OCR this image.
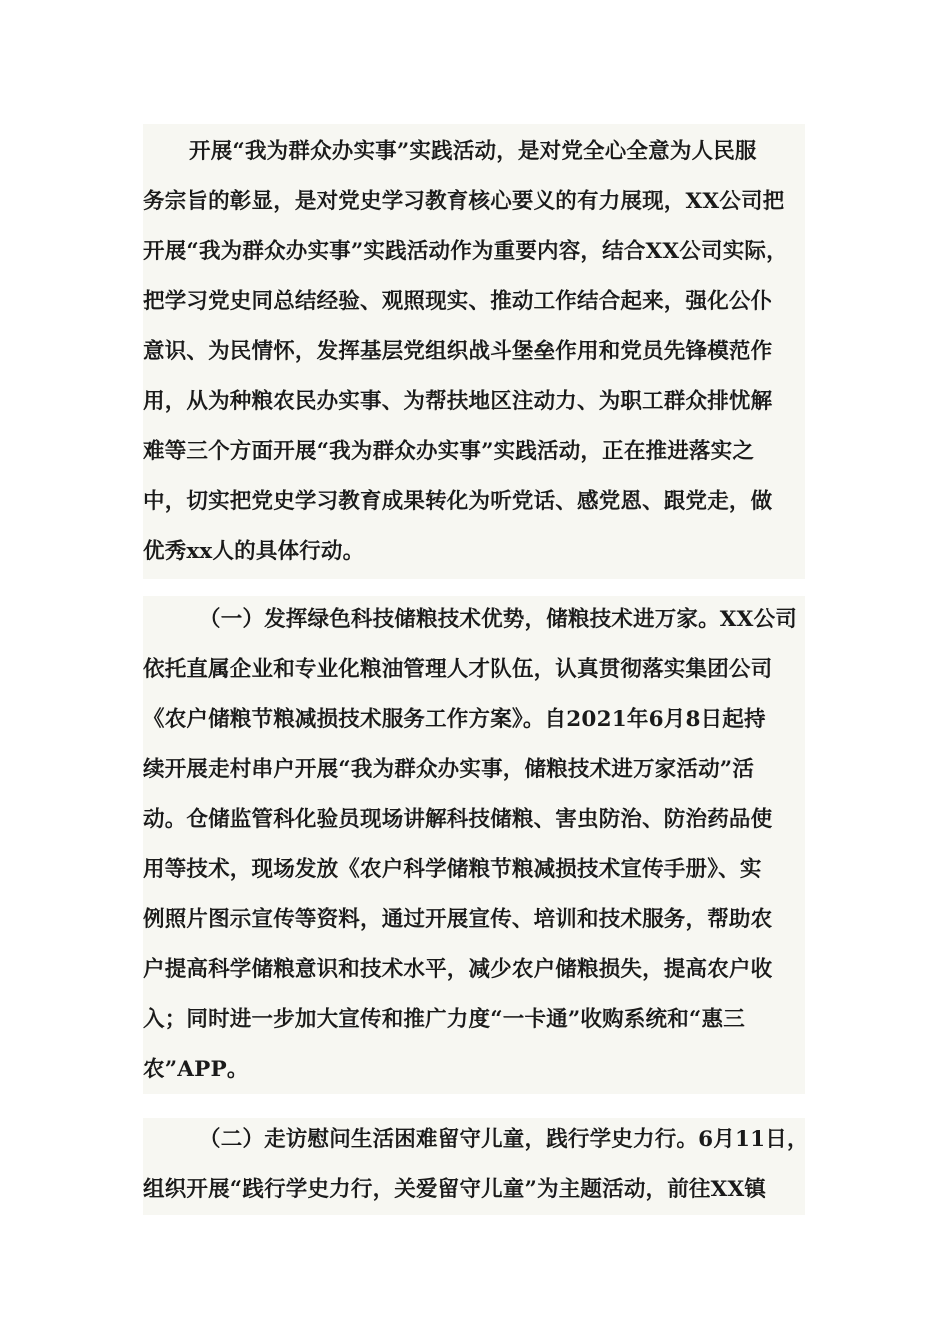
开展“我为群众办实事”实践活动，是对党全心全意为人民服
务宗旨的彰显，是对党史学习教育核心要义的有力展现，XX公司把
开展“我为群众办实事”实践活动作为重要内容，结合XX公司实际，
把学习党史同总结经验、观照现实、推动工作结合起来，强化公仆
意识、为民情怀，发挥基层党组织战斗堡垒作用和党员先锋模范作
用，从为种粮农民办实事、为帮扶地区注动力、为职工群众排忧解
难等三个方面开展“我为群众办实事”实践活动，正在推进落实之
中，切实把党史学习教育成果转化为听党话、感党恩、跟党走，做
优秀xx人的具体行动。
（一）发挥绿色科技储粮技术优势，储粮技术进万家。XX公司
依托直属企业和专业化粮油管理人才队伍，认真贯彻落实集团公司
《农户储粮节粮减损技术服务工作方案》。自2021年6月8日起持
续开展走村串户开展“我为群众办实事，储粮技术进万家活动”活
动。仓储监管科化验员现场讲解科技储粮、害虫防治、防治药品使
用等技术，现场发放《农户科学储粮节粮减损技术宣传手册》、实
例照片图示宣传等资料，通过开展宣传、培训和技术服务，帮助农
户提高科学储粮意识和技术水平，减少农户储粮损失，提高农户收
入；同时进一步加大宣传和推广力度“一卡通”收购系统和“惠三
农”APP。
（二）走访慰问生活困难留守儿童，践行学史力行。6月11日，
组织开展“践行学史力行，关爱留守儿童”为主题活动，前往XX镇
